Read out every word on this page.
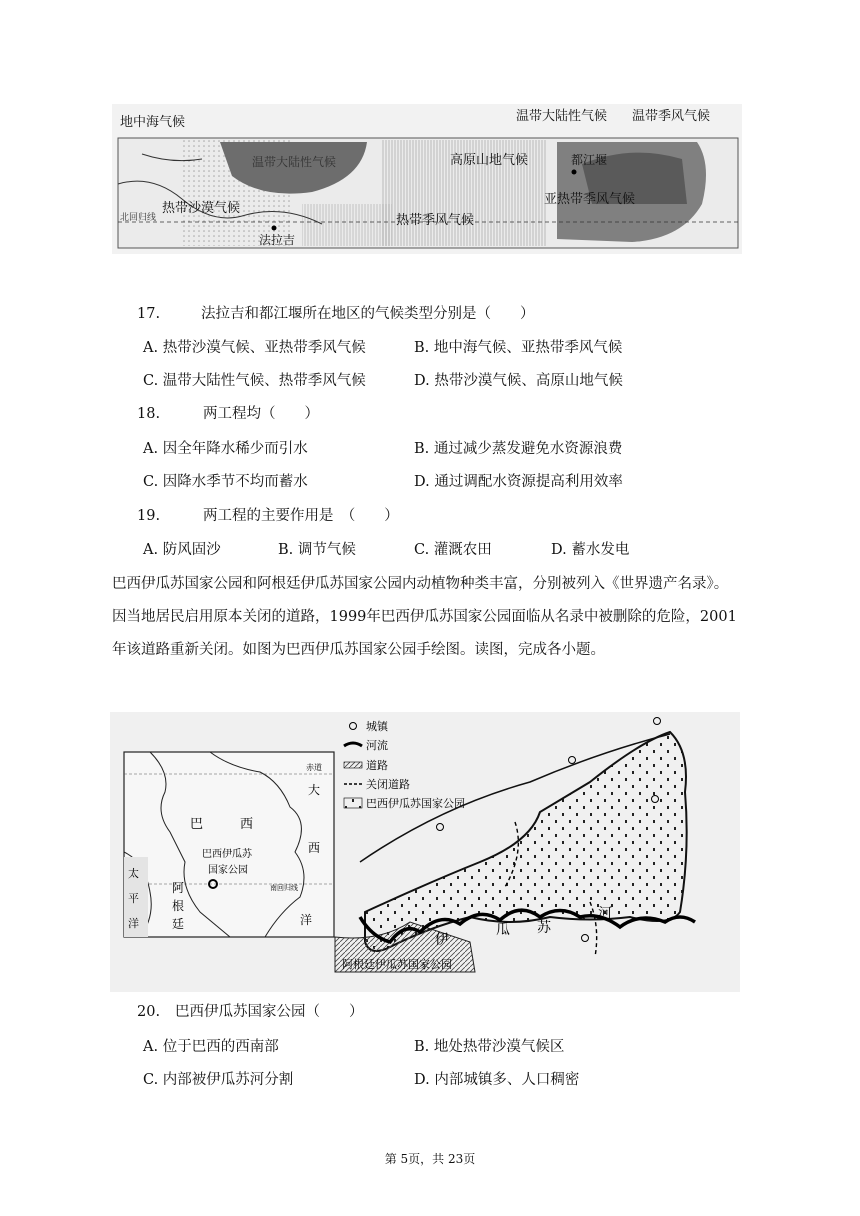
地中海气候	温带大陆性气候 温带季风气候
温带大陆性气候	高原山地气候	都江堰
热带沙漠气候
热带季风气候
亚热带季风气候
北回归线
法拉吉
17.	法拉吉和都江堰所在地区的气候类型分别是（　　）
A. 热带沙漠气候、亚热带季风气候	B. 地中海气候、亚热带季风气候
C. 温带大陆性气候、热带季风气候	D. 热带沙漠气候、高原山地气候
18.	两工程均（　　）
A. 因全年降水稀少而引水	B. 通过减少蒸发避免水资源浪费
C. 因降水季节不均而蓄水	D. 通过调配水资源提高利用效率
19.	两工程的主要作用是　（　　）
A. 防风固沙	B. 调节气候	C. 灌溉农田	D. 蓄水发电
巴西伊瓜苏国家公园和阿根廷伊瓜苏国家公园内动植物种类丰富，分别被列入《世界遗产名录》。
因当地居民启用原本关闭的道路，1999年巴西伊瓜苏国家公园面临从名录中被删除的危险，2001
年该道路重新关闭。如图为巴西伊瓜苏国家公园手绘图。读图，完成各小题。
赤道
大
西
巴	西
巴西伊瓜苏
国家公园
南回归线
洋
太
平
洋
阿
根
廷
城镇
河流
道路
关闭道路
巴西伊瓜苏国家公园
伊
瓜 苏
河
阿根廷伊瓜苏国家公园
20. 巴西伊瓜苏国家公园（　　）
A. 位于巴西的西南部	B. 地处热带沙漠气候区
C. 内部被伊瓜苏河分割	D. 内部城镇多、人口稠密
第 5页，共 23页
